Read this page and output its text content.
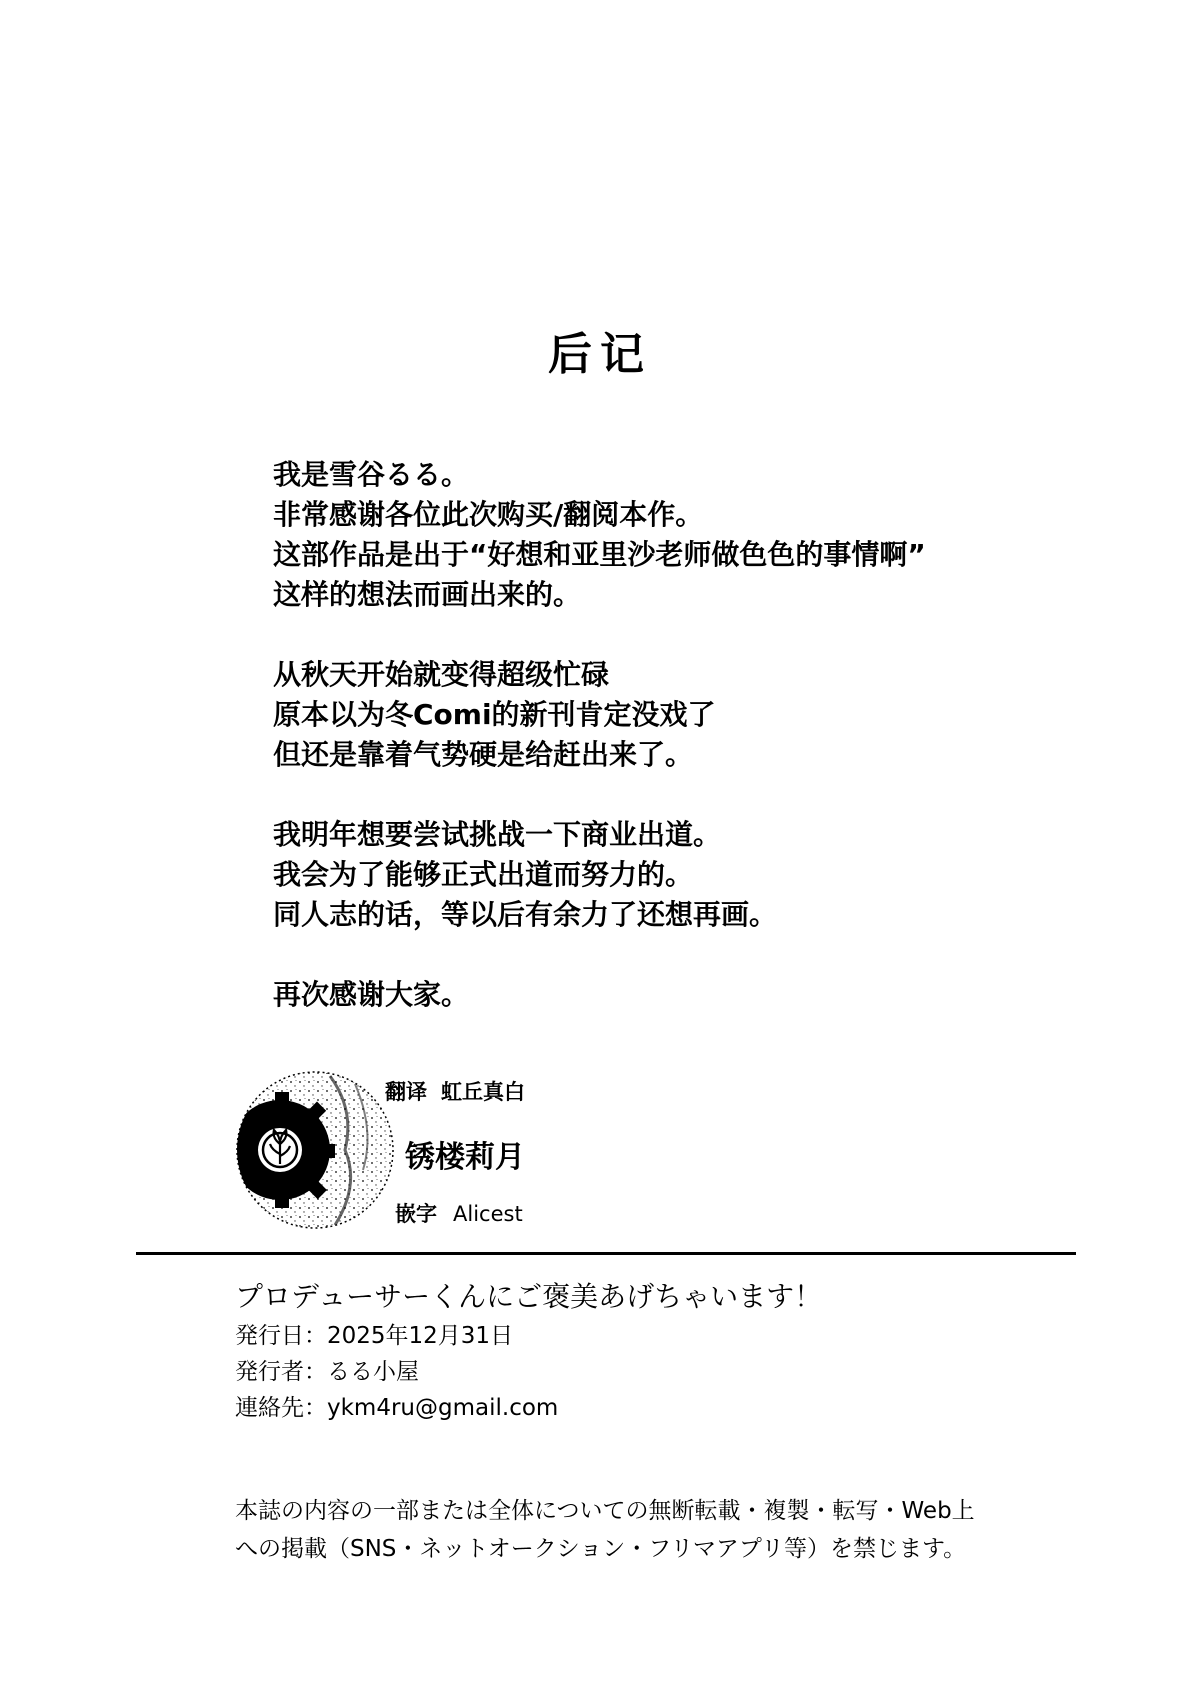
后记
我是雪谷るる。
非常感谢各位此次购买/翻阅本作。
这部作品是出于“好想和亚里沙老师做色色的事情啊”
这样的想法而画出来的。
从秋天开始就变得超级忙碌
原本以为冬Comi的新刊肯定没戏了
但还是靠着气势硬是给赶出来了。
我明年想要尝试挑战一下商业出道。
我会为了能够正式出道而努力的。
同人志的话，等以后有余力了还想再画。
再次感谢大家。
翻译 虹丘真白
锈楼莉月
嵌字 Alicest
プロデューサーくんにご褒美あげちゃいます！
発行日：2025年12月31日
発行者：るる小屋
連絡先：ykm4ru@gmail.com
本誌の内容の一部または全体についての無断転載・複製・転写・Web上
への掲載（SNS・ネットオークション・フリマアプリ等）を禁じます。
